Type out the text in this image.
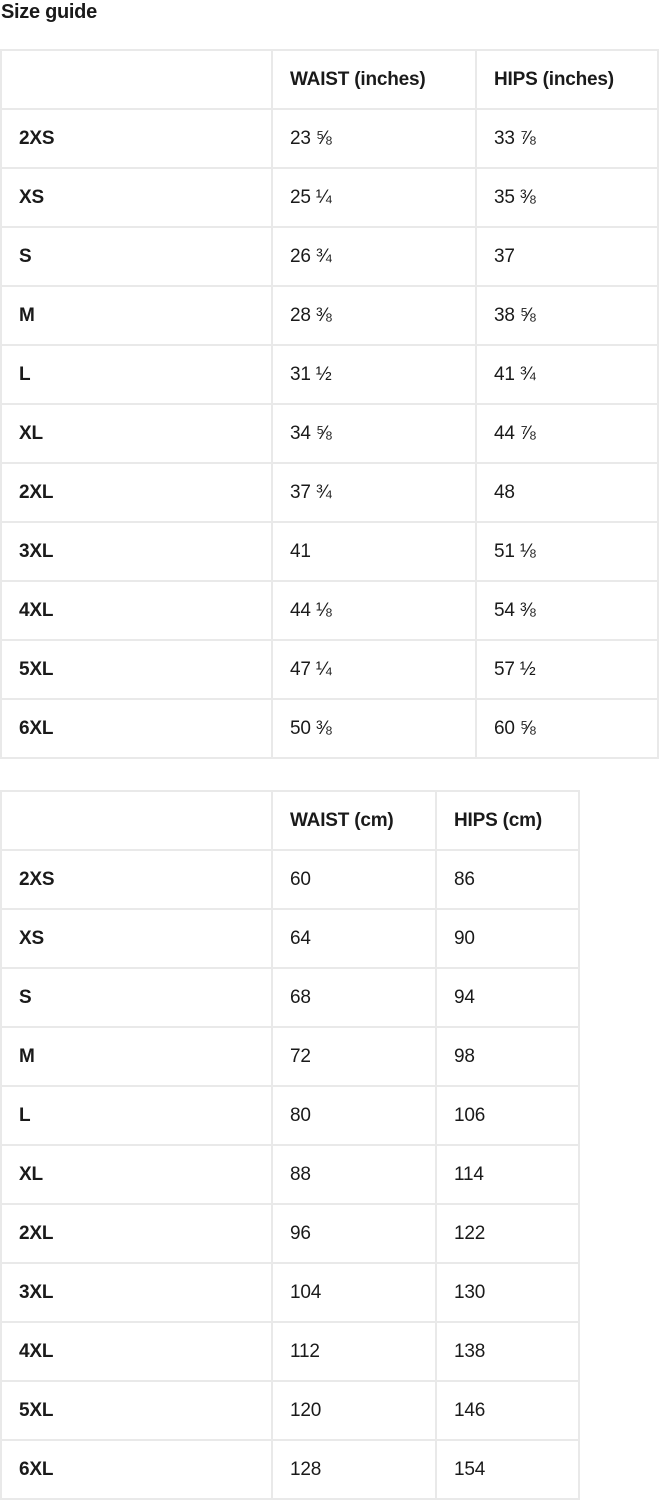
Size guide
	WAIST (inches)	HIPS (inches)
2XS	23 ⅝	33 ⅞
XS	25 ¼	35 ⅜
S	26 ¾	37
M	28 ⅜	38 ⅝
L	31 ½	41 ¾
XL	34 ⅝	44 ⅞
2XL	37 ¾	48
3XL	41	51 ⅛
4XL	44 ⅛	54 ⅜
5XL	47 ¼	57 ½
6XL	50 ⅜	60 ⅝
	WAIST (cm)	HIPS (cm)
2XS	60	86
XS	64	90
S	68	94
M	72	98
L	80	106
XL	88	114
2XL	96	122
3XL	104	130
4XL	112	138
5XL	120	146
6XL	128	154
